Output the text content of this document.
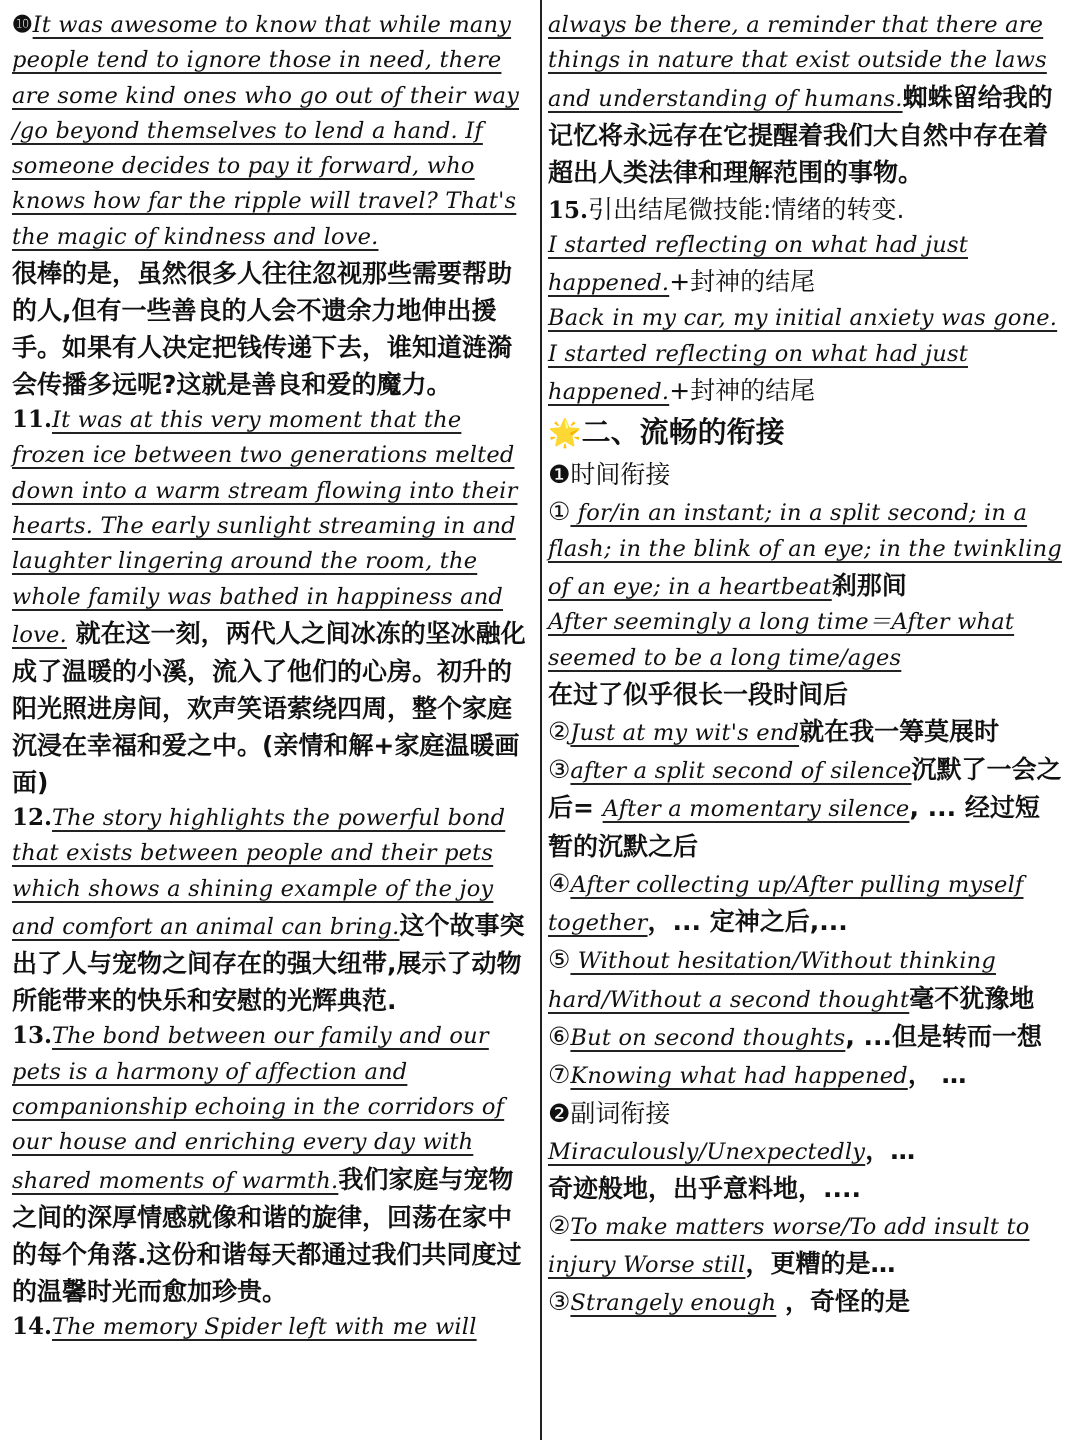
❿It was awesome to know that while many people tend to ignore those in need, there are some kind ones who go out of their way /go beyond themselves to lend a hand. If someone decides to pay it forward, who knows how far the ripple will travel? That's the magic of kindness and love.
很棒的是，虽然很多人往往忽视那些需要帮助的人,但有一些善良的人会不遗余力地伸出援手。如果有人决定把钱传递下去，谁知道涟漪会传播多远呢?这就是善良和爱的魔力。

11.It was at this very moment that the frozen ice between two generations melted down into a warm stream flowing into their hearts. The early sunlight streaming in and laughter lingering around the room, the whole family was bathed in happiness and love. 就在这一刻，两代人之间冰冻的坚冰融化成了温暖的小溪，流入了他们的心房。初升的阳光照进房间，欢声笑语萦绕四周，整个家庭沉浸在幸福和爱之中。(亲情和解+家庭温暖画面)

12.The story highlights the powerful bond that exists between people and their pets which shows a shining example of the joy and comfort an animal can bring.这个故事突出了人与宠物之间存在的强大纽带,展示了动物所能带来的快乐和安慰的光辉典范.

13.The bond between our family and our pets is a harmony of affection and companionship echoing in the corridors of our house and enriching every day with shared moments of warmth.我们家庭与宠物之间的深厚情感就像和谐的旋律，回荡在家中的每个角落.这份和谐每天都通过我们共同度过的温馨时光而愈加珍贵。

14.The memory Spider left with me will

always be there, a reminder that there are things in nature that exist outside the laws and understanding of humans.蜘蛛留给我的记忆将永远存在它提醒着我们大自然中存在着超出人类法律和理解范围的事物。

15.引出结尾微技能:情绪的转变.
I started reflecting on what had just happened.+封神的结尾
Back in my car, my initial anxiety was gone. I started reflecting on what had just happened.+封神的结尾

🌟二、流畅的衔接
❶时间衔接

① for/in an instant; in a split second; in a flash; in the blink of an eye; in the twinkling of an eye; in a heartbeat刹那间

After seemingly a long time＝After what seemed to be a long time/ages
在过了似乎很长一段时间后

②Just at my wit's end就在我一筹莫展时

③after a split second of silence沉默了一会之后= After a momentary silence, ... 经过短暂的沉默之后

④After collecting up/After pulling myself together，... 定神之后,...

⑤ Without hesitation/Without thinking hard/Without a second thought毫不犹豫地

⑥But on second thoughts, ...但是转而一想

⑦Knowing what had happened， …

❷副词衔接

Miraculously/Unexpectedly，…
奇迹般地，出乎意料地，....

②To make matters worse/To add insult to injury Worse still，更糟的是…

③Strangely enough ，奇怪的是
